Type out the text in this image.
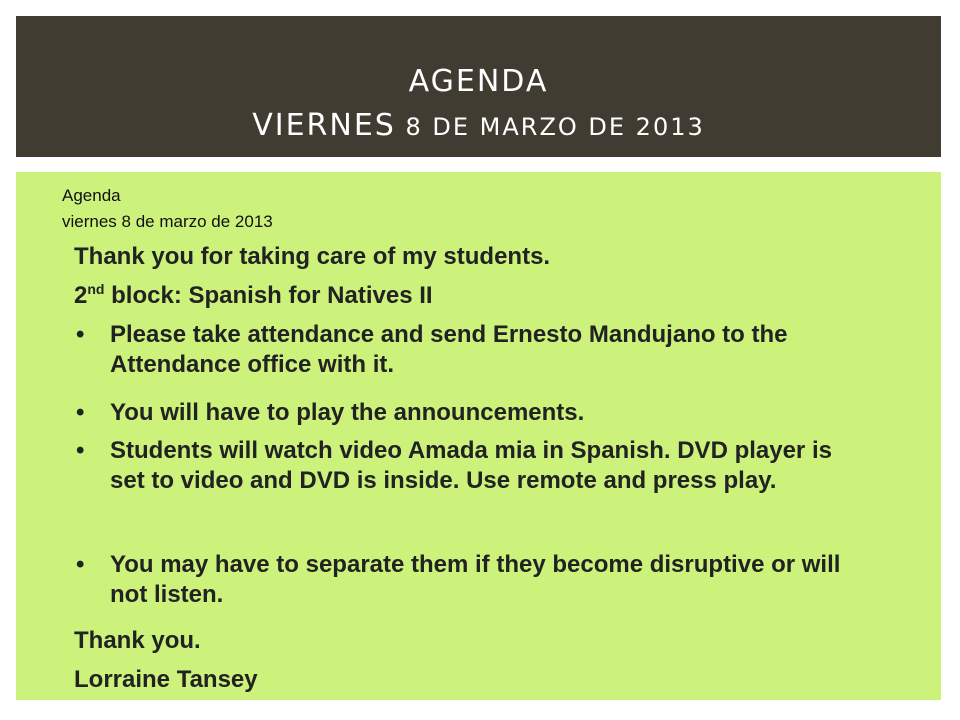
AGENDA
VIERNES 8 DE MARZO DE 2013
Agenda
viernes 8 de marzo de 2013
Thank you for taking care of my students.
2nd block: Spanish for Natives II
• Please take attendance and send Ernesto Mandujano to the Attendance office with it.
• You will have to play the announcements.
• Students will watch video Amada mia in Spanish. DVD player is set to video and DVD is inside. Use remote and press play.
• You may have to separate them if they become disruptive or will not listen.
Thank you.
Lorraine Tansey
